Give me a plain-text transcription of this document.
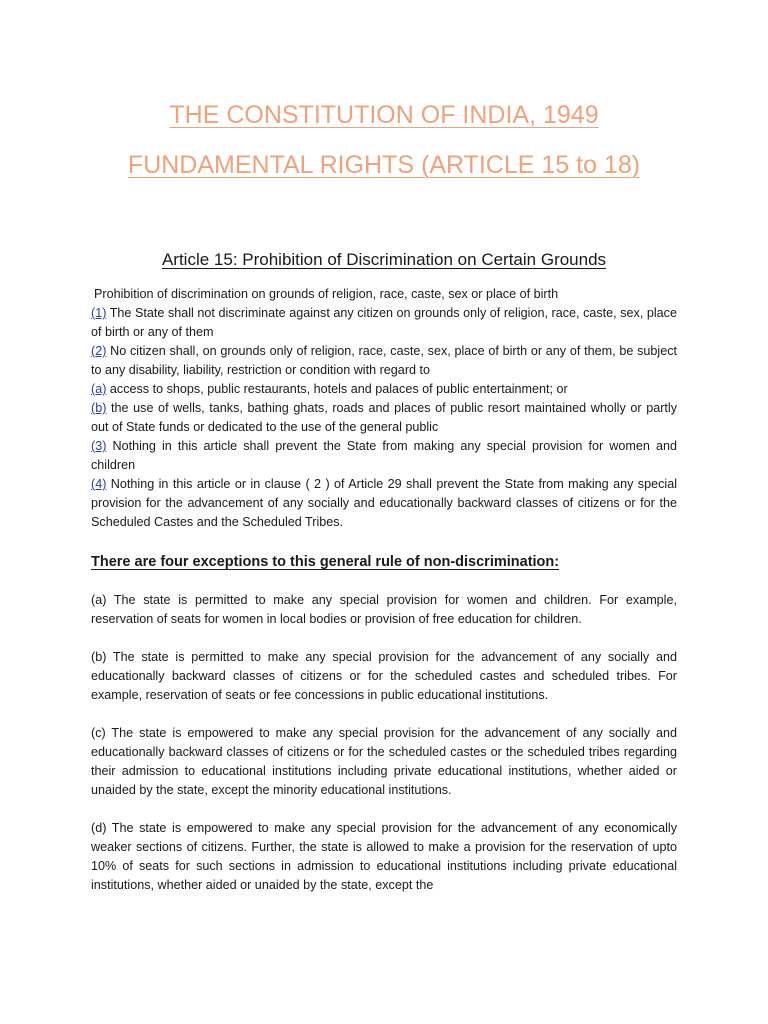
THE CONSTITUTION OF INDIA, 1949
FUNDAMENTAL RIGHTS (ARTICLE 15 to 18)
Article 15: Prohibition of Discrimination on Certain Grounds

Prohibition of discrimination on grounds of religion, race, caste, sex or place of birth

(1) The State shall not discriminate against any citizen on grounds only of religion, race, caste, sex, place of birth or any of them

(2) No citizen shall, on grounds only of religion, race, caste, sex, place of birth or any of them, be subject to any disability, liability, restriction or condition with regard to

(a) access to shops, public restaurants, hotels and palaces of public entertainment; or

(b) the use of wells, tanks, bathing ghats, roads and places of public resort maintained wholly or partly out of State funds or dedicated to the use of the general public

(3) Nothing in this article shall prevent the State from making any special provision for women and children

(4) Nothing in this article or in clause ( 2 ) of Article 29 shall prevent the State from making any special provision for the advancement of any socially and educationally backward classes of citizens or for the Scheduled Castes and the Scheduled Tribes.

There are four exceptions to this general rule of non-discrimination:

(a) The state is permitted to make any special provision for women and children. For example, reservation of seats for women in local bodies or provision of free education for children.

(b) The state is permitted to make any special provision for the advancement of any socially and educationally backward classes of citizens or for the scheduled castes and scheduled tribes. For example, reservation of seats or fee concessions in public educational institutions.

(c) The state is empowered to make any special provision for the advancement of any socially and educationally backward classes of citizens or for the scheduled castes or the scheduled tribes regarding their admission to educational institutions including private educational institutions, whether aided or unaided by the state, except the minority educational institutions.

(d) The state is empowered to make any special provision for the advancement of any economically weaker sections of citizens. Further, the state is allowed to make a provision for the reservation of upto 10% of seats for such sections in admission to educational institutions including private educational institutions, whether aided or unaided by the state, except the
